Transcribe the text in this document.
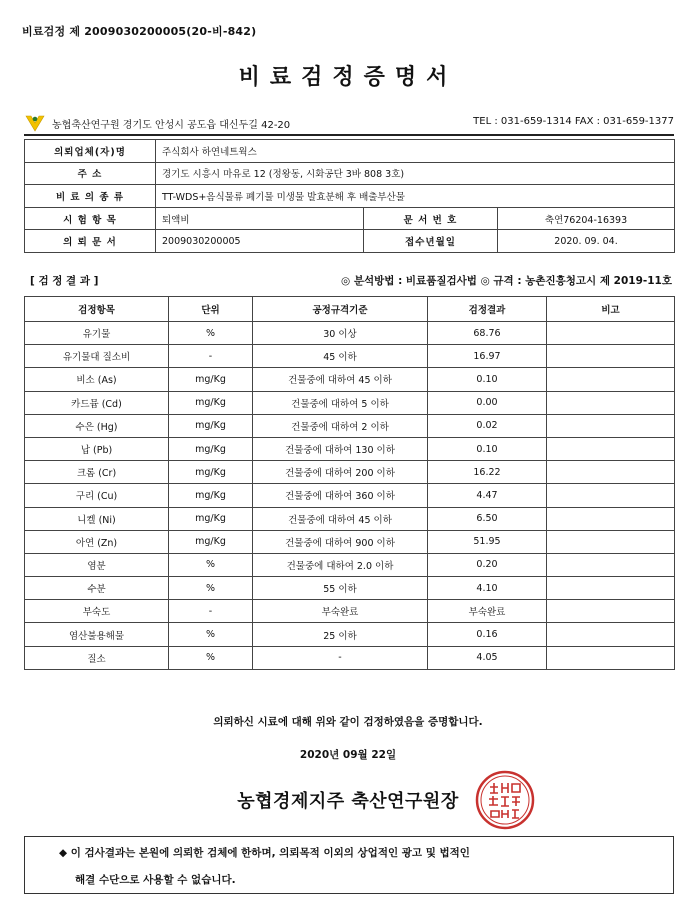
비료검정 제 2009030200005(20-비-842)
비료검정증명서
농협축산연구원 경기도 안성시 공도읍 대신두길 42-20	TEL : 031-659-1314 FAX : 031-659-1377
의뢰업체(자)명	주식회사 하연네트웍스		
주 소	경기도 시흥시 마유로 12 (정왕동, 시화공단 3바 808 3호)		
비 료 의 종 류	TT-WDS+음식물류 폐기물 미생물 발효분해 후 배출부산물		
시 험 항 목	퇴액비	문 서 번 호	축연76204-16393
의 뢰 문 서	2009030200005	접수년월일	2020. 09. 04.
[ 검 정 결 과 ]	◎ 분석방법 : 비료품질검사법 ◎ 규격 : 농촌진흥청고시 제 2019-11호
검정항목	단위	공정규격기준	검정결과	비고
유기물	%	30 이상	68.76	
유기물대 질소비	-	45 이하	16.97	
비소 (As)	mg/Kg	건물중에 대하여 45 이하	0.10	
카드뮴 (Cd)	mg/Kg	건물중에 대하여 5 이하	0.00	
수은 (Hg)	mg/Kg	건물중에 대하여 2 이하	0.02	
납 (Pb)	mg/Kg	건물중에 대하여 130 이하	0.10	
크롬 (Cr)	mg/Kg	건물중에 대하여 200 이하	16.22	
구리 (Cu)	mg/Kg	건물중에 대하여 360 이하	4.47	
니켈 (Ni)	mg/Kg	건물중에 대하여 45 이하	6.50	
아연 (Zn)	mg/Kg	건물중에 대하여 900 이하	51.95	
염분	%	건물중에 대하여 2.0 이하	0.20	
수분	%	55 이하	4.10	
부숙도	-	부숙완료	부숙완료	
염산불용해물	%	25 이하	0.16	
질소	%	-	4.05	
의뢰하신 시료에 대해 위와 같이 검정하였음을 증명합니다.
2020년 09월 22일
농협경제지주 축산연구원장
◆ 이 검사결과는 본원에 의뢰한 검체에 한하며, 의뢰목적 이외의 상업적인 광고 및 법적인
해결 수단으로 사용할 수 없습니다.
